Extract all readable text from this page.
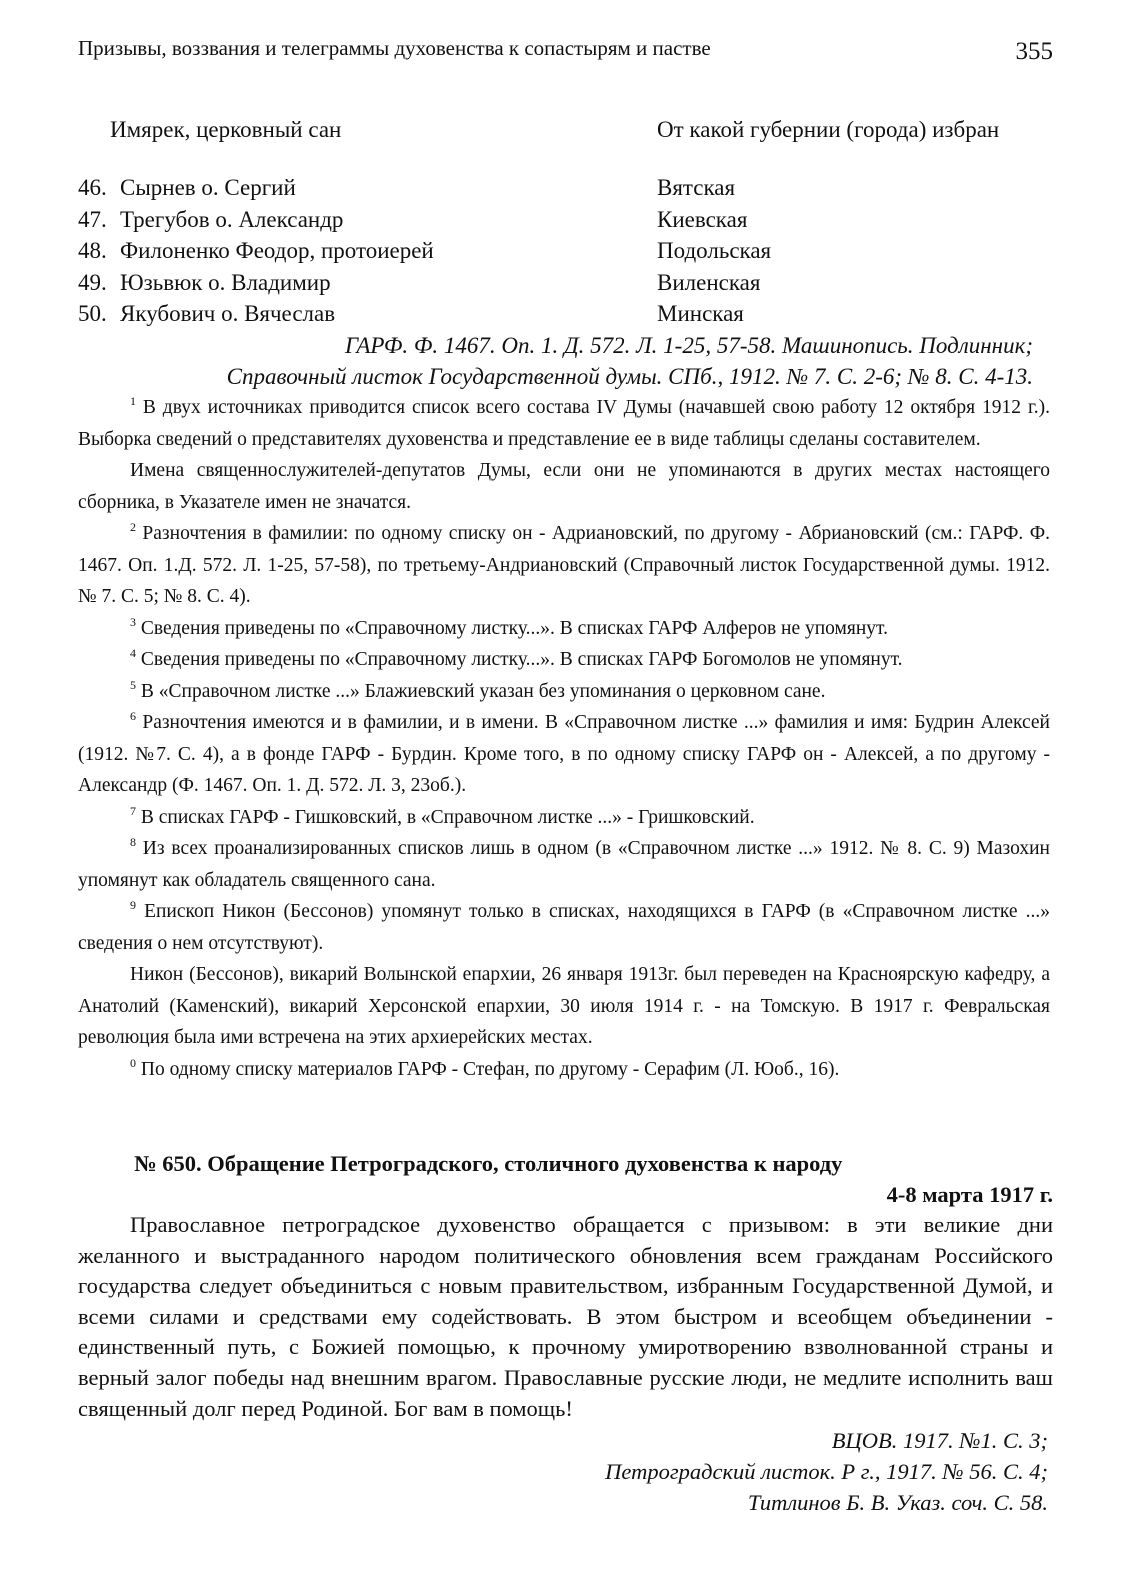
Призывы, воззвания и телеграммы духовенства к сопастырям и пастве	355
Имярек, церковный сан	От какой губернии (города) избран
46. Сырнев о. Сергий	Вятская
47. Трегубов о. Александр	Киевская
48. Филоненко Феодор, протоиерей	Подольская
49. Юзьвюк о. Владимир	Виленская
50. Якубович о. Вячеслав	Минская
ГАРФ. Ф. 1467. Оп. 1. Д. 572. Л. 1-25, 57-58. Машинопись. Подлинник;
Справочный листок Государственной думы. СПб., 1912. № 7. С. 2-6; № 8. С. 4-13.

$^1$ В двух источниках приводится список всего состава IV Думы (начавшей свою работу 12 октября 1912 г.). Выборка сведений о представителях духовенства и представление ее в виде таблицы сделаны составителем.

Имена священнослужителей-депутатов Думы, если они не упоминаются в других местах настоящего сборника, в Указателе имен не значатся.

$^2$ Разночтения в фамилии: по одному списку он - Адриановский, по другому - Абриановский (см.: ГАРФ. Ф. 1467. Оп. 1.Д. 572. Л. 1-25, 57-58), по третьему-Андриановский (Справочный листок Государственной думы. 1912. № 7. С. 5; № 8. С. 4).

$^3$ Сведения приведены по «Справочному листку...». В списках ГАРФ Алферов не упомянут.

$^4$ Сведения приведены по «Справочному листку...». В списках ГАРФ Богомолов не упомянут.

$^5$ В «Справочном листке ...» Блажиевский указан без упоминания о церковном сане.

$^6$ Разночтения имеются и в фамилии, и в имени. В «Справочном листке ...» фамилия и имя: Будрин Алексей (1912. №7. С. 4), а в фонде ГАРФ - Бурдин. Кроме того, в по одному списку ГАРФ он - Алексей, а по другому - Александр (Ф. 1467. Оп. 1. Д. 572. Л. 3, 23об.).

$^7$ В списках ГАРФ - Гишковский, в «Справочном листке ...» - Гришковский.

$^8$ Из всех проанализированных списков лишь в одном (в «Справочном листке ...» 1912. № 8. С. 9) Мазохин упомянут как обладатель священного сана.

$^9$ Епископ Никон (Бессонов) упомянут только в списках, находящихся в ГАРФ (в «Справочном листке ...» сведения о нем отсутствуют).

Никон (Бессонов), викарий Волынской епархии, 26 января 1913г. был переведен на Красноярскую кафедру, а Анатолий (Каменский), викарий Херсонской епархии, 30 июля 1914 г. - на Томскую. В 1917 г. Февральская революция была ими встречена на этих архиерейских местах.

$^0$ По одному списку материалов ГАРФ - Стефан, по другому - Серафим (Л. Юоб., 16).

№ 650. Обращение Петроградского, столичного духовенства к народу
4-8 марта 1917 г.

Православное петроградское духовенство обращается с призывом: в эти великие дни желанного и выстраданного народом политического обновления всем гражданам Российского государства следует объединиться с новым правительством, избранным Государственной Думой, и всеми силами и средствами ему содействовать. В этом быстром и всеобщем объединении - единственный путь, с Божией помощью, к прочному умиротворению взволнованной страны и верный залог победы над внешним врагом. Православные русские люди, не медлите исполнить ваш священный долг перед Родиной. Бог вам в помощь!

ВЦОВ. 1917. №1. С. 3;
Петроградский листок. Р г., 1917. № 56. С. 4;
Титлинов Б. В. Указ. соч. С. 58.
